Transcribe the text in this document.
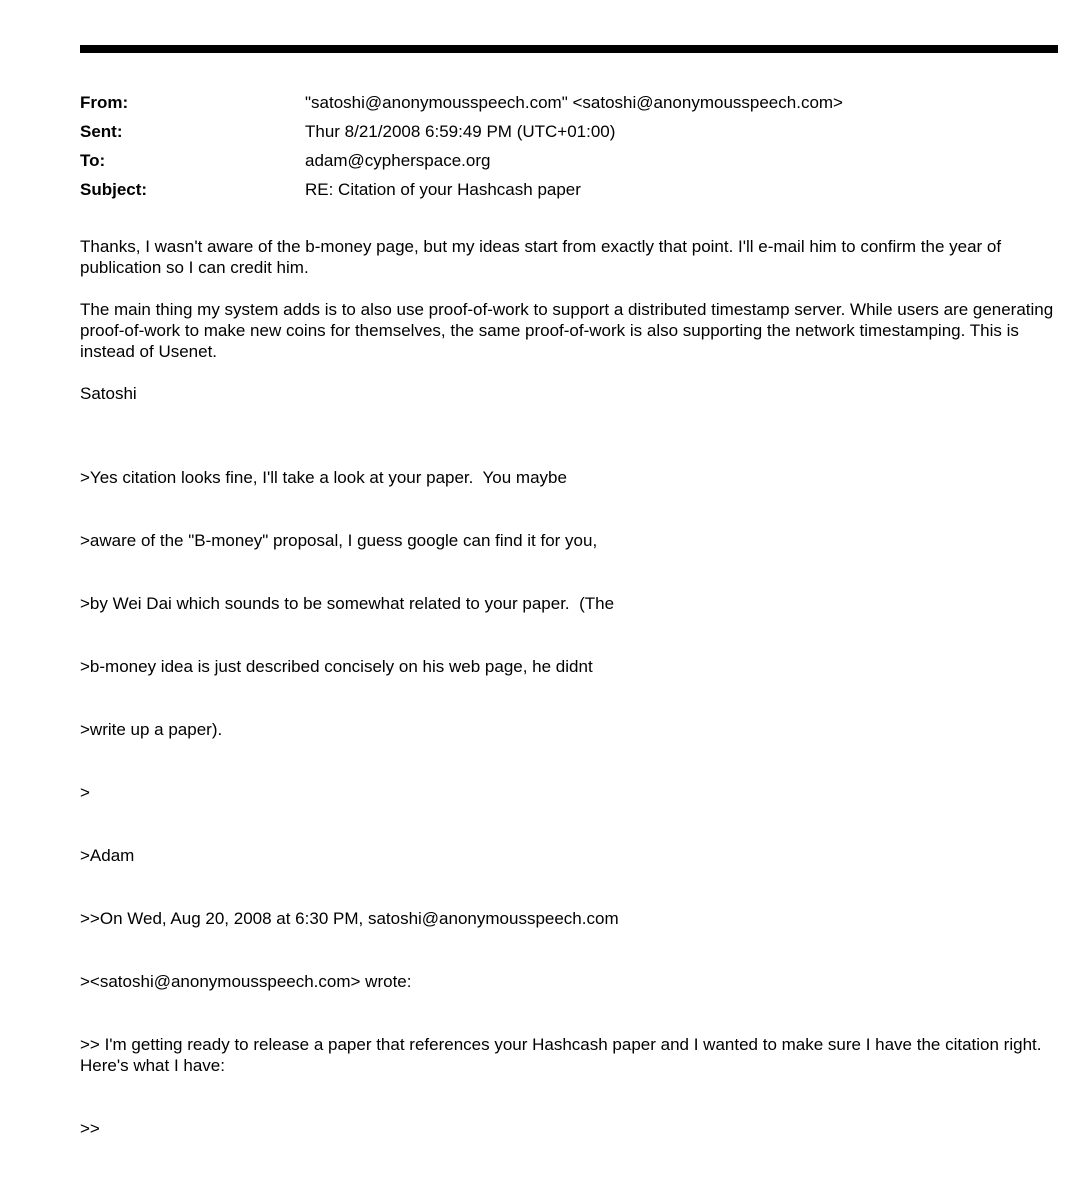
From:	"satoshi@anonymousspeech.com" <satoshi@anonymousspeech.com>
Sent:	Thur 8/21/2008 6:59:49 PM (UTC+01:00)
To:	adam@cypherspace.org
Subject:	RE: Citation of your Hashcash paper

Thanks, I wasn't aware of the b-money page, but my ideas start from exactly that point. I'll e-mail him to confirm the year of publication so I can credit him.

The main thing my system adds is to also use proof-of-work to support a distributed timestamp server. While users are generating proof-of-work to make new coins for themselves, the same proof-of-work is also supporting the network timestamping. This is instead of Usenet.

Satoshi

>Yes citation looks fine, I'll take a look at your paper.  You maybe

>aware of the "B-money" proposal, I guess google can find it for you,

>by Wei Dai which sounds to be somewhat related to your paper.  (The

>b-money idea is just described concisely on his web page, he didnt

>write up a paper).

>

>Adam

>>On Wed, Aug 20, 2008 at 6:30 PM, satoshi@anonymousspeech.com

><satoshi@anonymousspeech.com> wrote:

>> I'm getting ready to release a paper that references your Hashcash paper and I wanted to make sure I have the citation right.  Here's what I have:

>>
